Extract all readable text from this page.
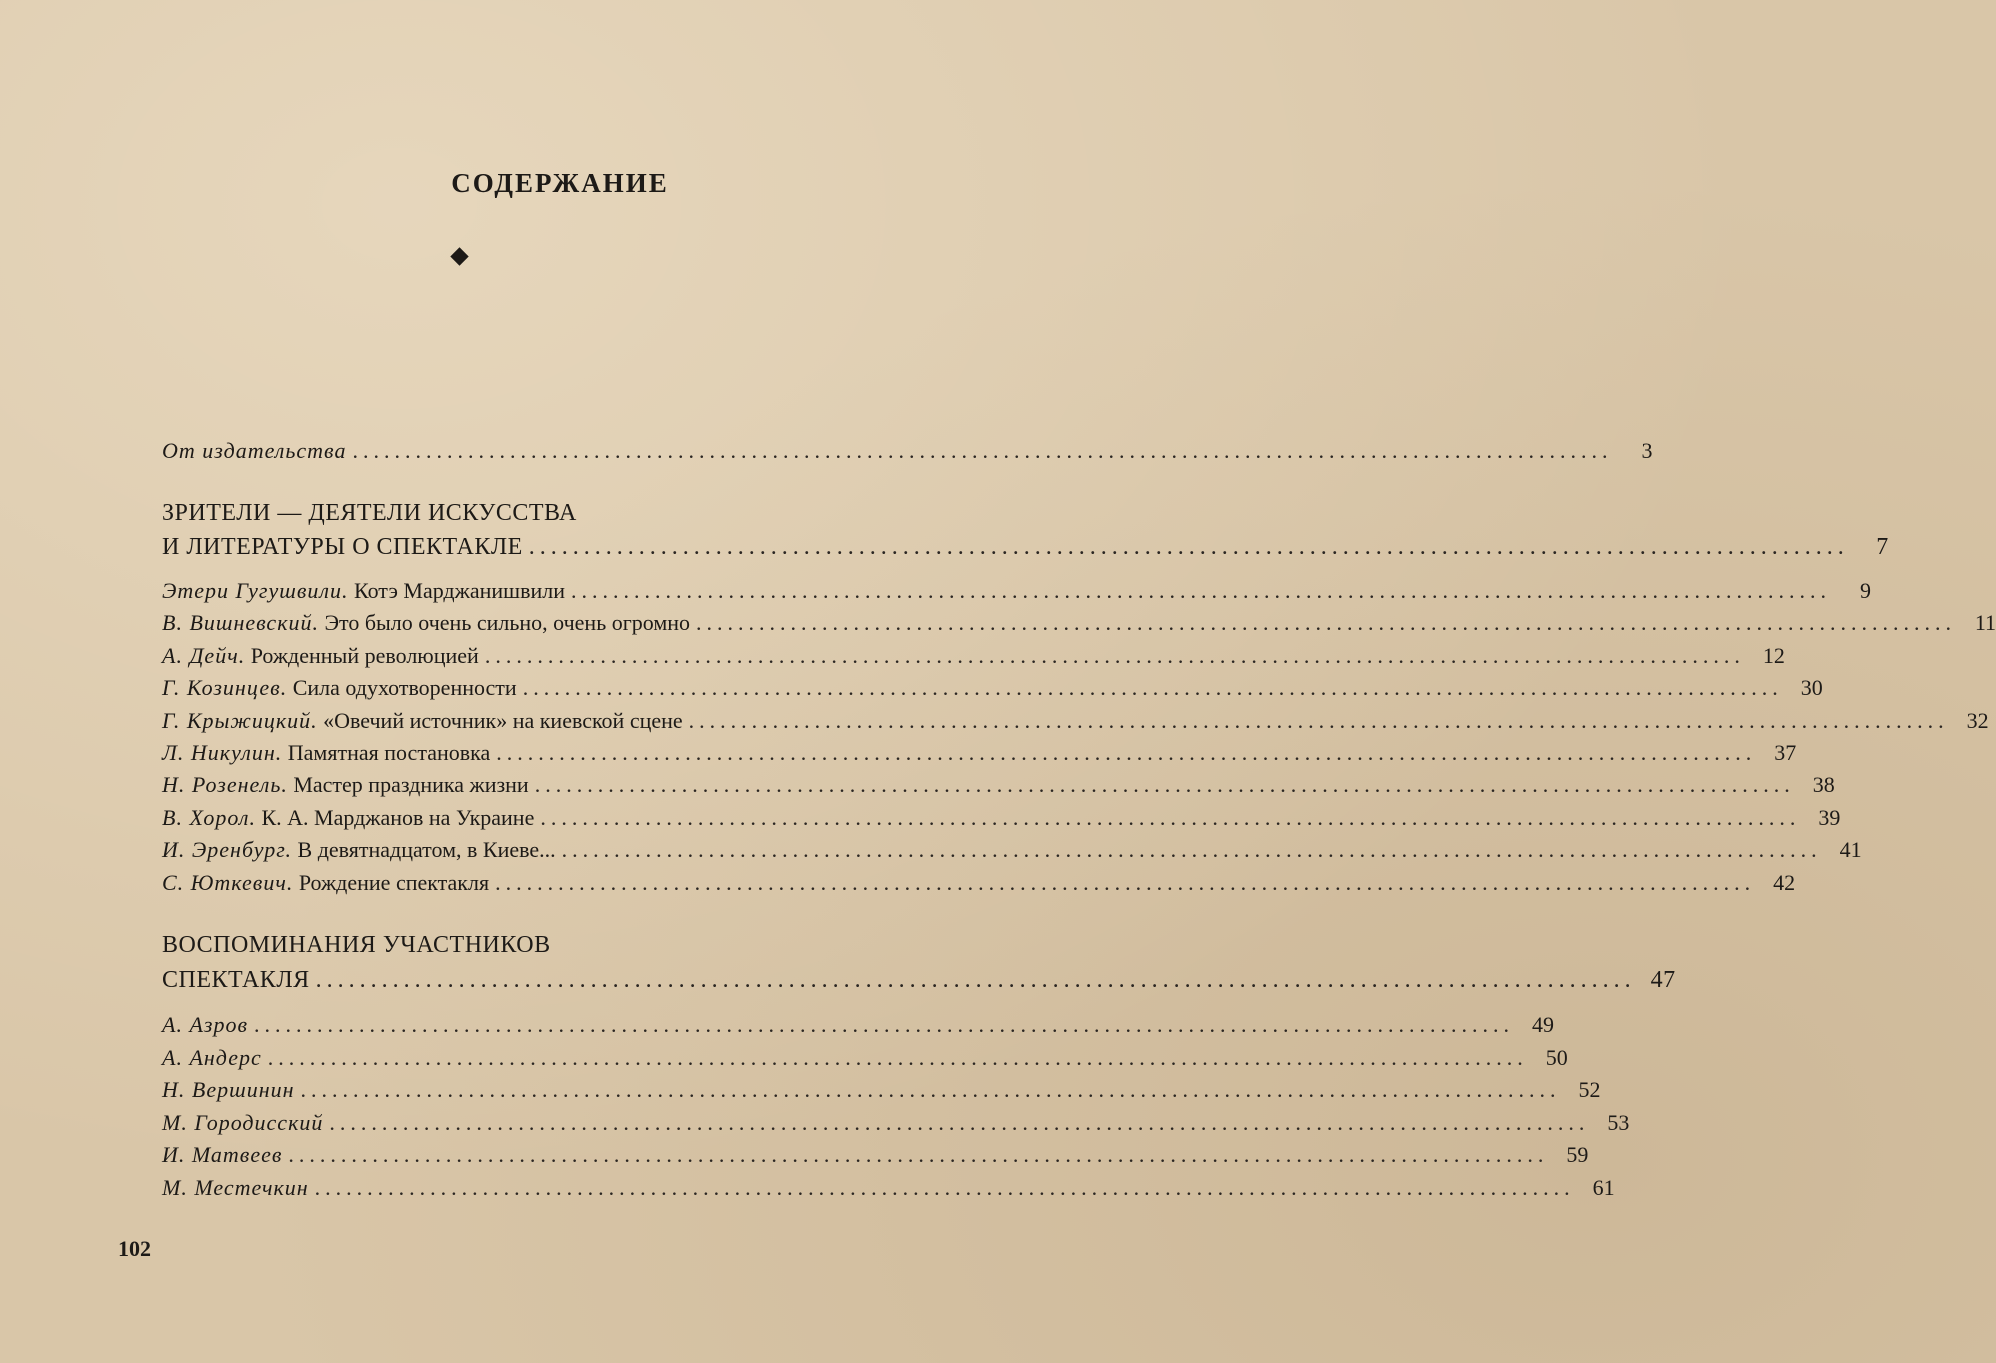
СОДЕРЖАНИЕ
От издательства ........................................................................................................................	3
ЗРИТЕЛИ — ДЕЯТЕЛИ ИСКУССТВА
И ЛИТЕРАТУРЫ О СПЕКТАКЛЕ ........................................................................................................................	7
Этери Гугушвили. Котэ Марджанишвили ........................................................................................................................	9
В. Вишневский. Это было очень сильно, очень огромно ........................................................................................................................ 11
А. Дейч. Рожденный революцией ........................................................................................................................ 12
Г. Козинцев. Сила одухотворенности ........................................................................................................................ 30
Г. Крыжицкий. «Овечий источник» на киевской сцене ........................................................................................................................ 32
Л. Никулин. Памятная постановка ........................................................................................................................ 37
Н. Розенель. Мастер праздника жизни ........................................................................................................................ 38
В. Хорол. К. А. Марджанов на Украине ........................................................................................................................ 39
И. Эренбург. В девятнадцатом, в Киеве... ........................................................................................................................ 41
С. Юткевич. Рождение спектакля ........................................................................................................................ 42
ВОСПОМИНАНИЯ УЧАСТНИКОВ
СПЕКТАКЛЯ ........................................................................................................................ 47
А. Азров ........................................................................................................................ 49
А. Андерс ........................................................................................................................ 50
Н. Вершинин ........................................................................................................................ 52
М. Городисский ........................................................................................................................ 53
И. Матвеев ........................................................................................................................ 59
М. Местечкин ........................................................................................................................ 61
102
